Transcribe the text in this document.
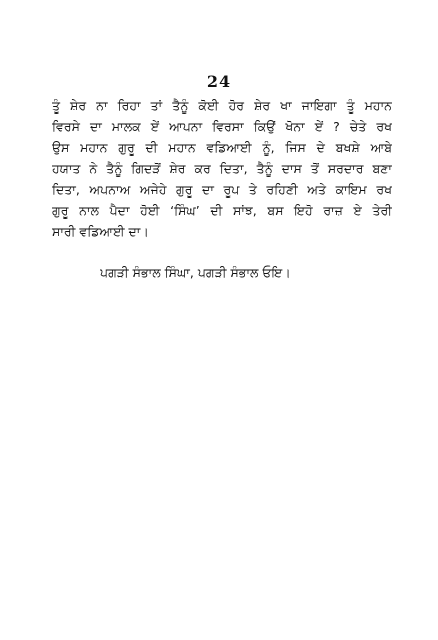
24
ਤੂੰ ਸ਼ੇਰ ਨਾ ਰਿਹਾ ਤਾਂ ਤੈਨੂੰ ਕੋਈ ਹੋਰ ਸ਼ੇਰ ਖਾ ਜਾਇਗਾ ਤੂੰ ਮਹਾਨ
ਵਿਰਸੇ ਦਾ ਮਾਲਕ ਏਂ ਆਪਨਾ ਵਿਰਸਾ ਕਿਉਂ ਖੋਨਾ ਏਂ ? ਚੇਤੇ ਰਖ
ਉਸ ਮਹਾਨ ਗੁਰੂ ਦੀ ਮਹਾਨ ਵਡਿਆਈ ਨੂੰ, ਜਿਸ ਦੇ ਬਖਸ਼ੇ ਆਬੇ
ਹਯਾਤ ਨੇ ਤੈਨੂੰ ਗਿਦੜੋਂ ਸ਼ੇਰ ਕਰ ਦਿਤਾ, ਤੈਨੂੰ ਦਾਸ ਤੋਂ ਸਰਦਾਰ ਬਣਾ
ਦਿਤਾ, ਅਪਨਾਅ ਅਜੇਹੇ ਗੁਰੂ ਦਾ ਰੂਪ ਤੇ ਰਹਿਣੀ ਅਤੇ ਕਾਇਮ ਰਖ
ਗੁਰੂ ਨਾਲ ਪੈਦਾ ਹੋਈ ‘ਸਿੰਘ’ ਦੀ ਸਾਂਝ, ਬਸ ਇਹੋ ਰਾਜ਼ ਏ ਤੇਰੀ
ਸਾਰੀ ਵਡਿਆਈ ਦਾ।
ਪਗੜੀ ਸੰਭਾਲ ਸਿੰਘਾ, ਪਗੜੀ ਸੰਭਾਲ ਓਇ।
